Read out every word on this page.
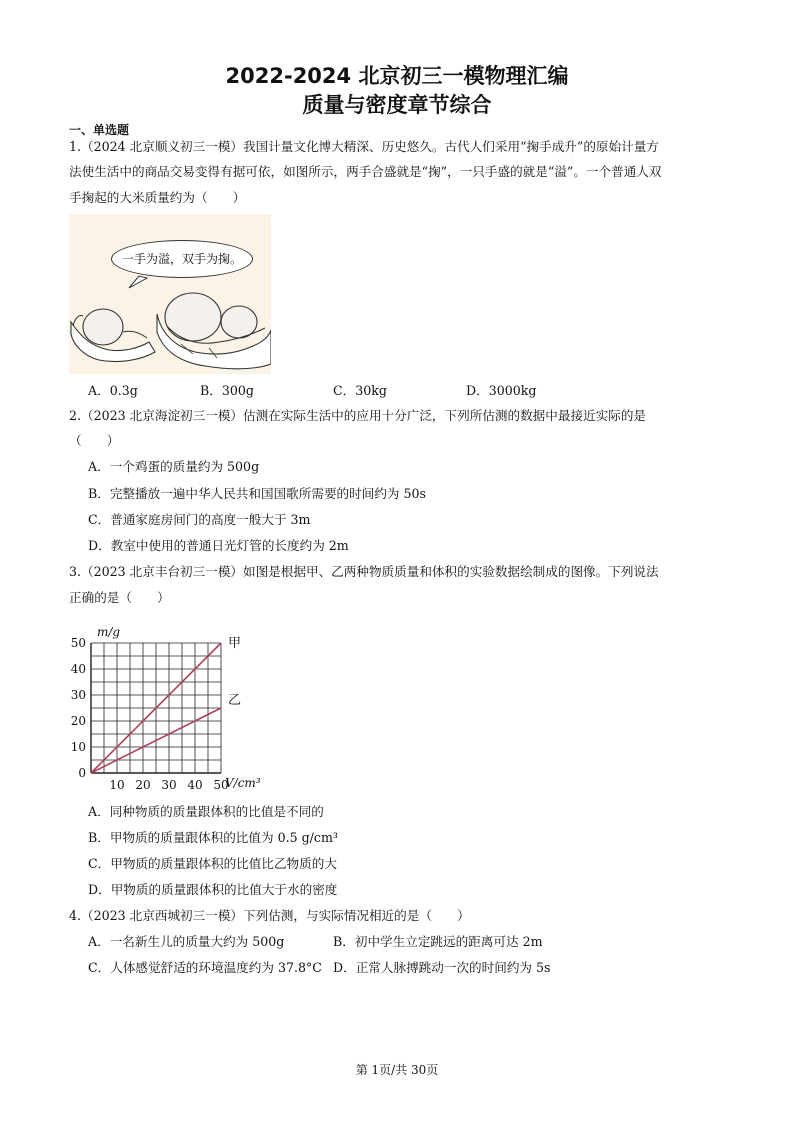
2022-2024 北京初三一模物理汇编
质量与密度章节综合
一、单选题
1.（2024 北京顺义初三一模）我国计量文化博大精深、历史悠久。古代人们采用“掬手成升”的原始计量方
法使生活中的商品交易变得有据可依，如图所示，两手合盛就是“掬”，一只手盛的就是“溢”。一个普通人双
手掬起的大米质量约为（　　）
一手为溢，双手为掬。
A．0.3g	B．300g	C．30kg	D．3000kg
2.（2023 北京海淀初三一模）估测在实际生活中的应用十分广泛，下列所估测的数据中最接近实际的是
（　　）
A．一个鸡蛋的质量约为 500g
B．完整播放一遍中华人民共和国国歌所需要的时间约为 50s
C．普通家庭房间门的高度一般大于 3m
D．教室中使用的普通日光灯管的长度约为 2m
3.（2023 北京丰台初三一模）如图是根据甲、乙两种物质质量和体积的实验数据绘制成的图像。下列说法
正确的是（　　）
0
10
20
30
40
50
10 20 30 40 50
m/g
V/cm³
甲
乙
A．同种物质的质量跟体积的比值是不同的
B．甲物质的质量跟体积的比值为 0.5 g/cm³
C．甲物质的质量跟体积的比值比乙物质的大
D．甲物质的质量跟体积的比值大于水的密度
4.（2023 北京西城初三一模）下列估测，与实际情况相近的是（　　）
A．一名新生儿的质量大约为 500g	B．初中学生立定跳远的距离可达 2m
C．人体感觉舒适的环境温度约为 37.8°C D．正常人脉搏跳动一次的时间约为 5s
第 1页/共 30页
